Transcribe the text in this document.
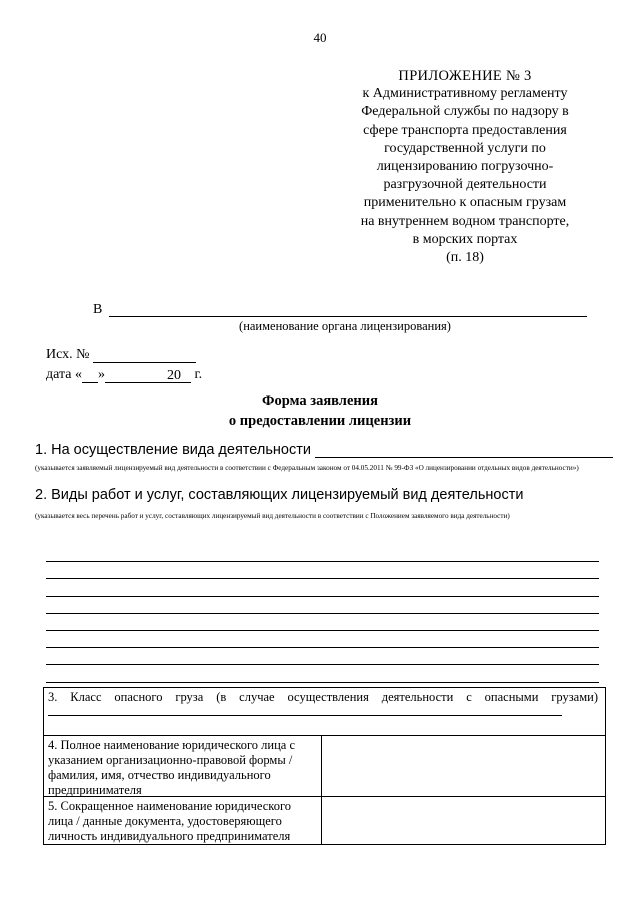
40
ПРИЛОЖЕНИЕ № 3
к Административному регламенту
Федеральной службы по надзору в
сфере транспорта предоставления
государственной услуги по
лицензированию погрузочно-
разгрузочной деятельности
применительно к опасным грузам
на внутреннем водном транспорте,
в морских портах
(п. 18)
В
(наименование органа лицензирования)
Исх. №
дата « »	20 г.
Форма заявления
о предоставлении лицензии
1. На осуществление вида деятельности
(указывается заявляемый лицензируемый вид деятельности в соответствии с Федеральным законом от 04.05.2011 № 99-ФЗ «О лицензировании отдельных видов деятельности»)
2. Виды работ и услуг, составляющих лицензируемый вид деятельности
(указывается весь перечень работ и услуг, составляющих лицензируемый вид деятельности в соответствии с Положением заявляемого вида деятельности)
3. Класс опасного груза (в случае осуществления деятельности с опасными грузами)
4. Полное наименование юридического лица с указанием организационно-правовой формы / фамилия, имя, отчество индивидуального предпринимателя
5. Сокращенное наименование юридического лица / данные документа, удостоверяющего личность индивидуального предпринимателя
